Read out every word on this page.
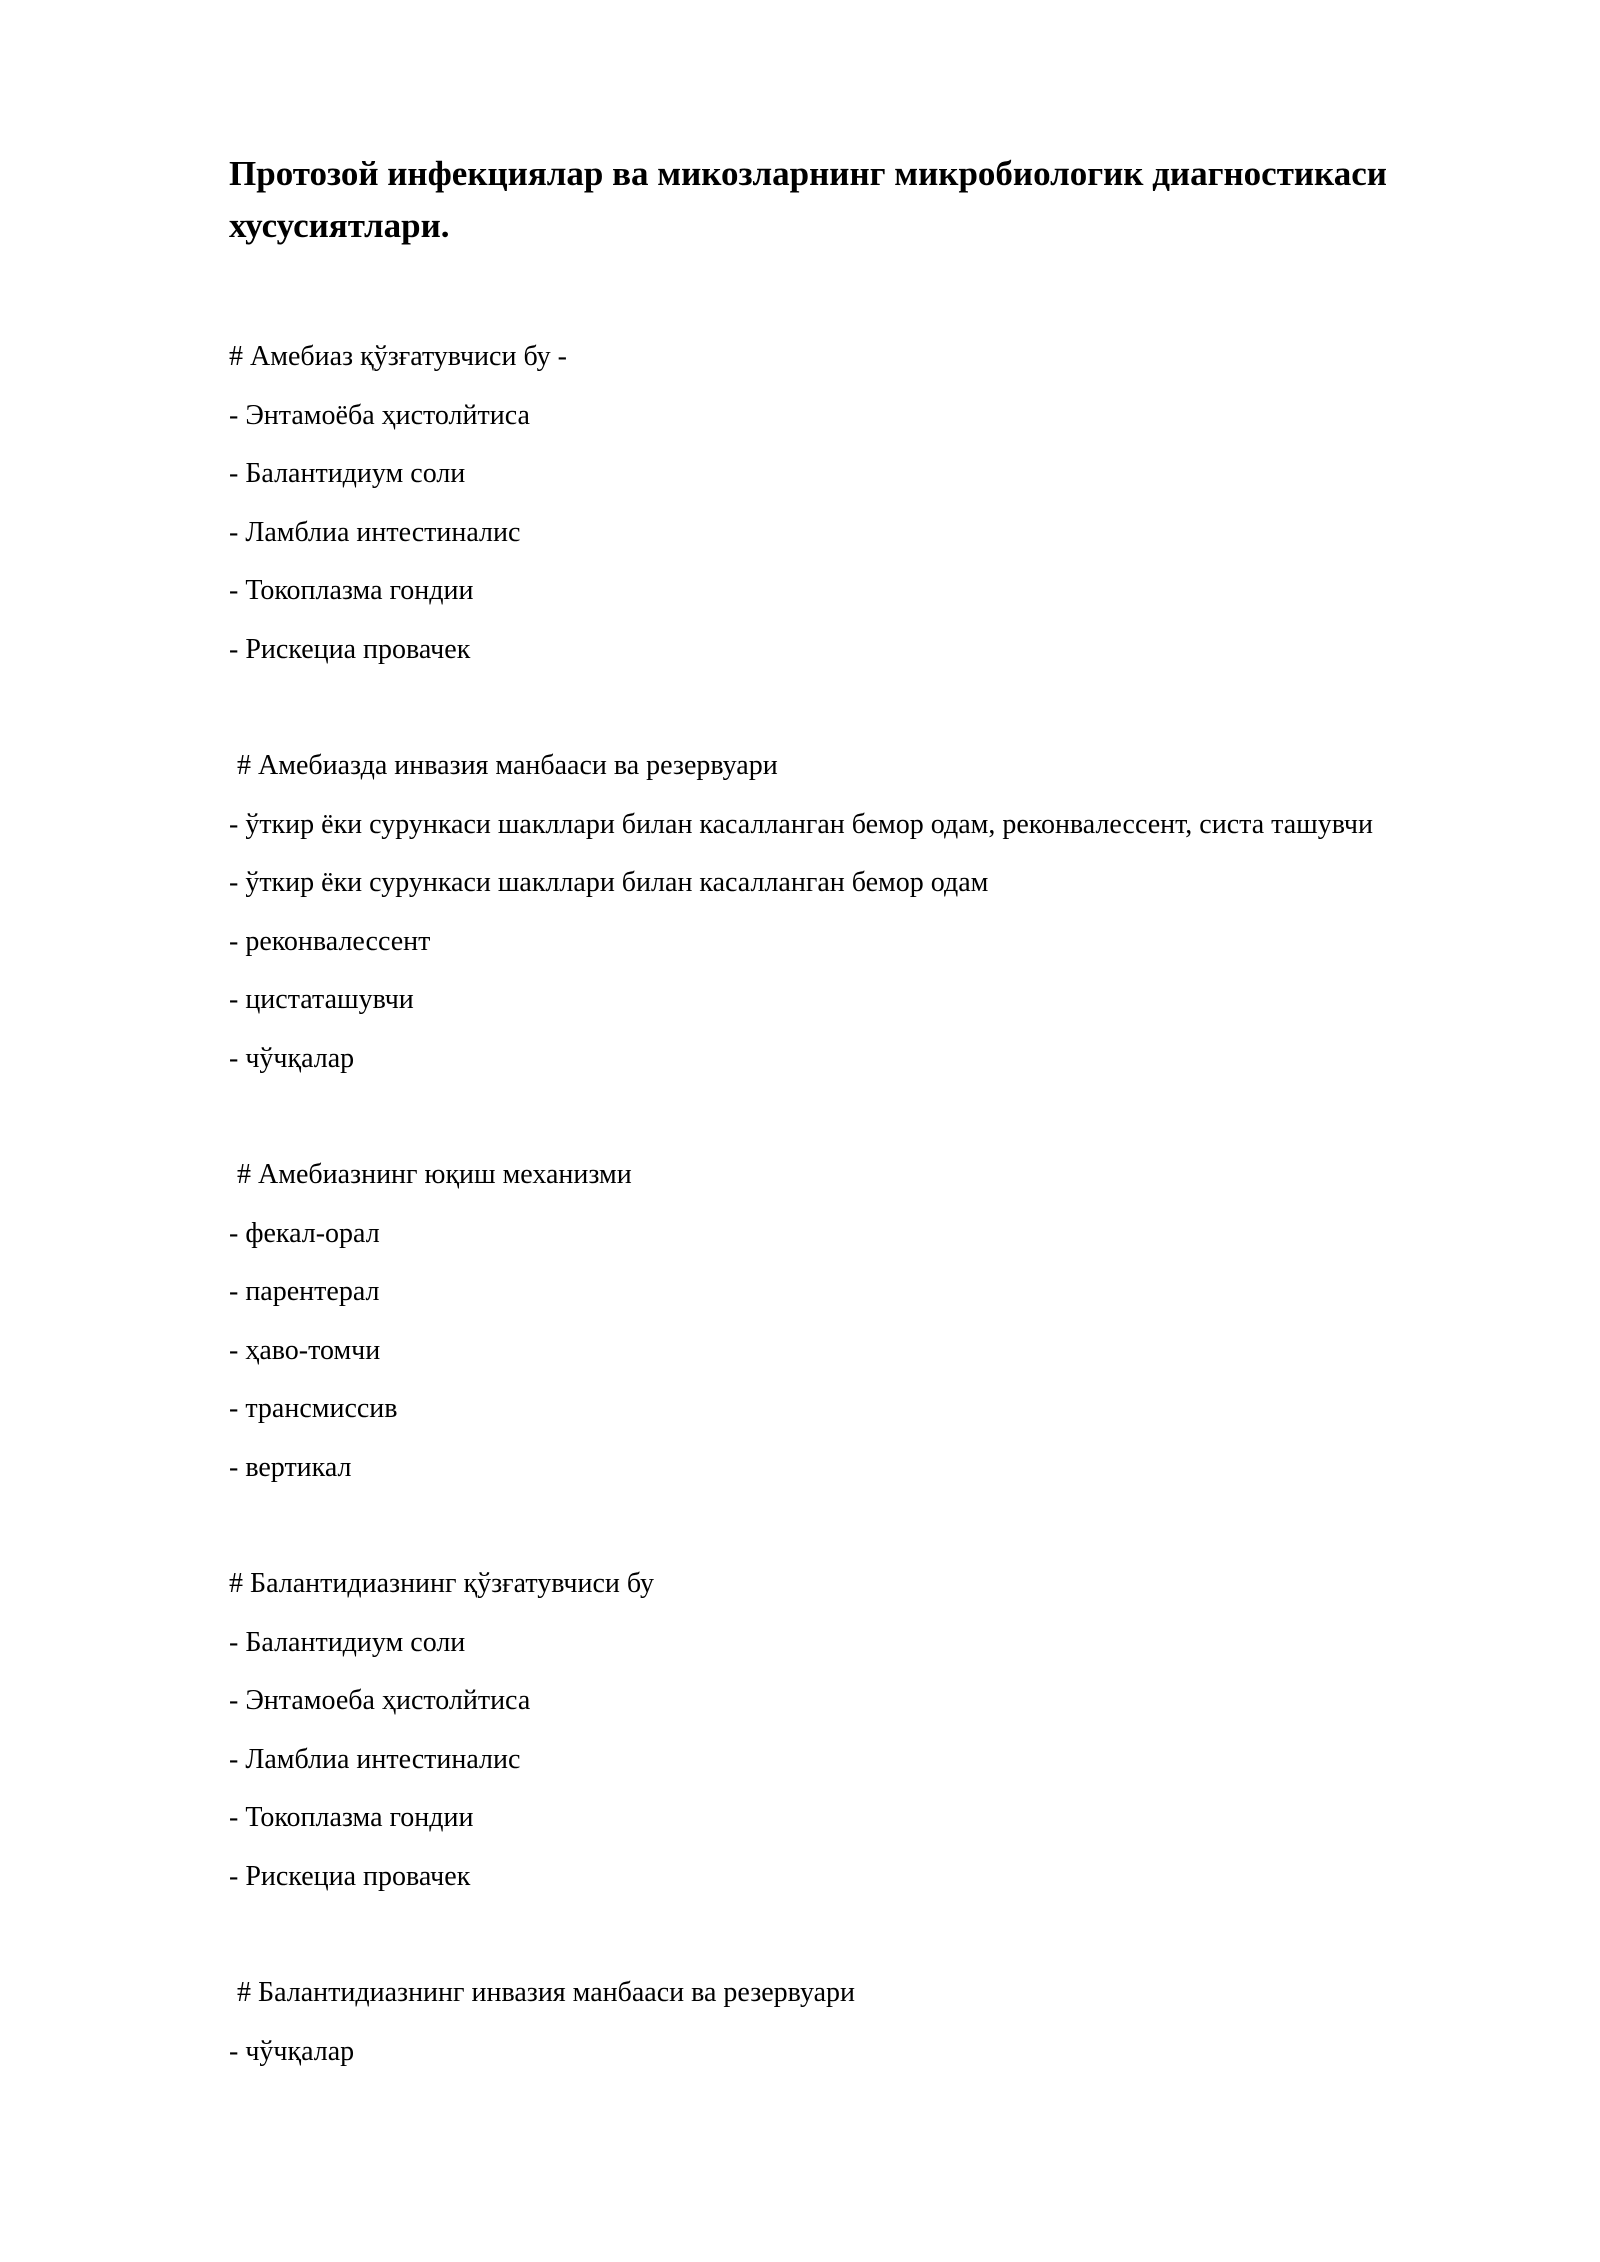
Протозой инфекциялар ва микозларнинг микробиологик диагностикаси хусусиятлари.

# Амебиаз қўзғатувчиси бу -

- Энтамоёба ҳистолйтиса

- Балантидиум соли

- Ламблиа интестиналис

- Токоплазма гондии

- Рискециа провачек

# Амебиазда инвазия манбааси ва резервуари

- ўткир ёки сурункаси шакллари билан касалланган бемор одам, реконвалессент, систа ташувчи

- ўткир ёки сурункаси шакллари билан касалланган бемор одам

- реконвалессент

- цистаташувчи

- чўчқалар

# Амебиазнинг юқиш механизми

- фекал-орал

- парентерал

- ҳаво-томчи

- трансмиссив

- вертикал

# Балантидиазнинг қўзғатувчиси бу

- Балантидиум соли

- Энтамоеба ҳистолйтиса

- Ламблиа интестиналис

- Токоплазма гондии

- Рискециа провачек

# Балантидиазнинг инвазия манбааси ва резервуари

- чўчқалар
